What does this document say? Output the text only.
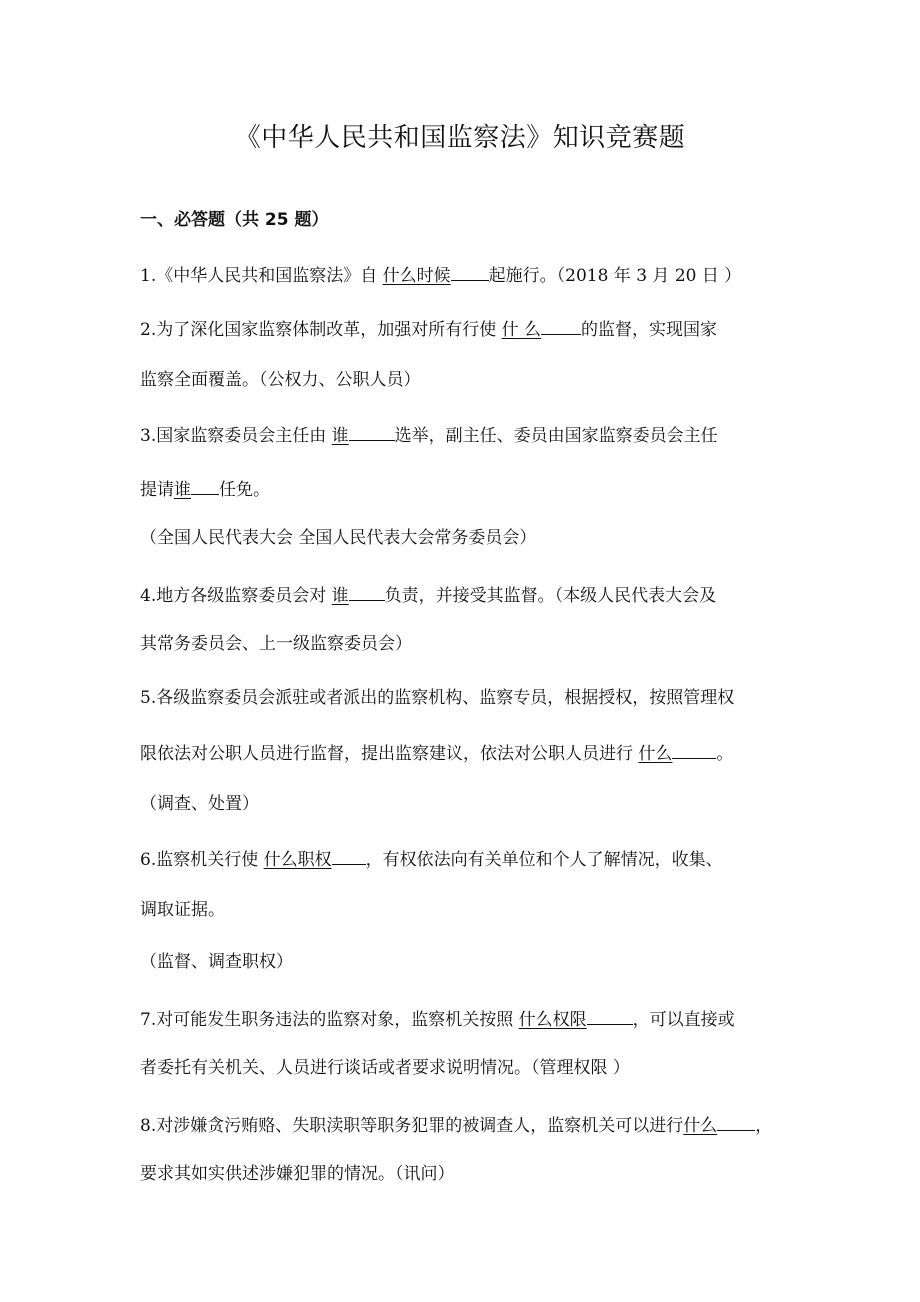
《中华人民共和国监察法》知识竞赛题
一、必答题（共 25 题）
1.《中华人民共和国监察法》自 什么时候 起施行。（2018 年 3 月 20 日 ）
2.为了深化国家监察体制改革，加强对所有行使 什 么 的监督，实现国家
监察全面覆盖。（公权力、公职人员）
3.国家监察委员会主任由 谁	选举，副主任、委员由国家监察委员会主任
提请谁 任免。
（全国人民代表大会 全国人民代表大会常务委员会）
4.地方各级监察委员会对 谁 负责，并接受其监督。（本级人民代表大会及
其常务委员会、上一级监察委员会）
5.各级监察委员会派驻或者派出的监察机构、监察专员，根据授权，按照管理权
限依法对公职人员进行监督，提出监察建议，依法对公职人员进行 什么	。
（调查、处置）
6.监察机关行使 什么职权 ，有权依法向有关单位和个人了解情况，收集、
调取证据。
（监督、调查职权）
7.对可能发生职务违法的监察对象，监察机关按照 什么权限	，可以直接或
者委托有关机关、人员进行谈话或者要求说明情况。（管理权限 ）
8.对涉嫌贪污贿赂、失职渎职等职务犯罪的被调查人，监察机关可以进行什么 ，
要求其如实供述涉嫌犯罪的情况。（讯问）
